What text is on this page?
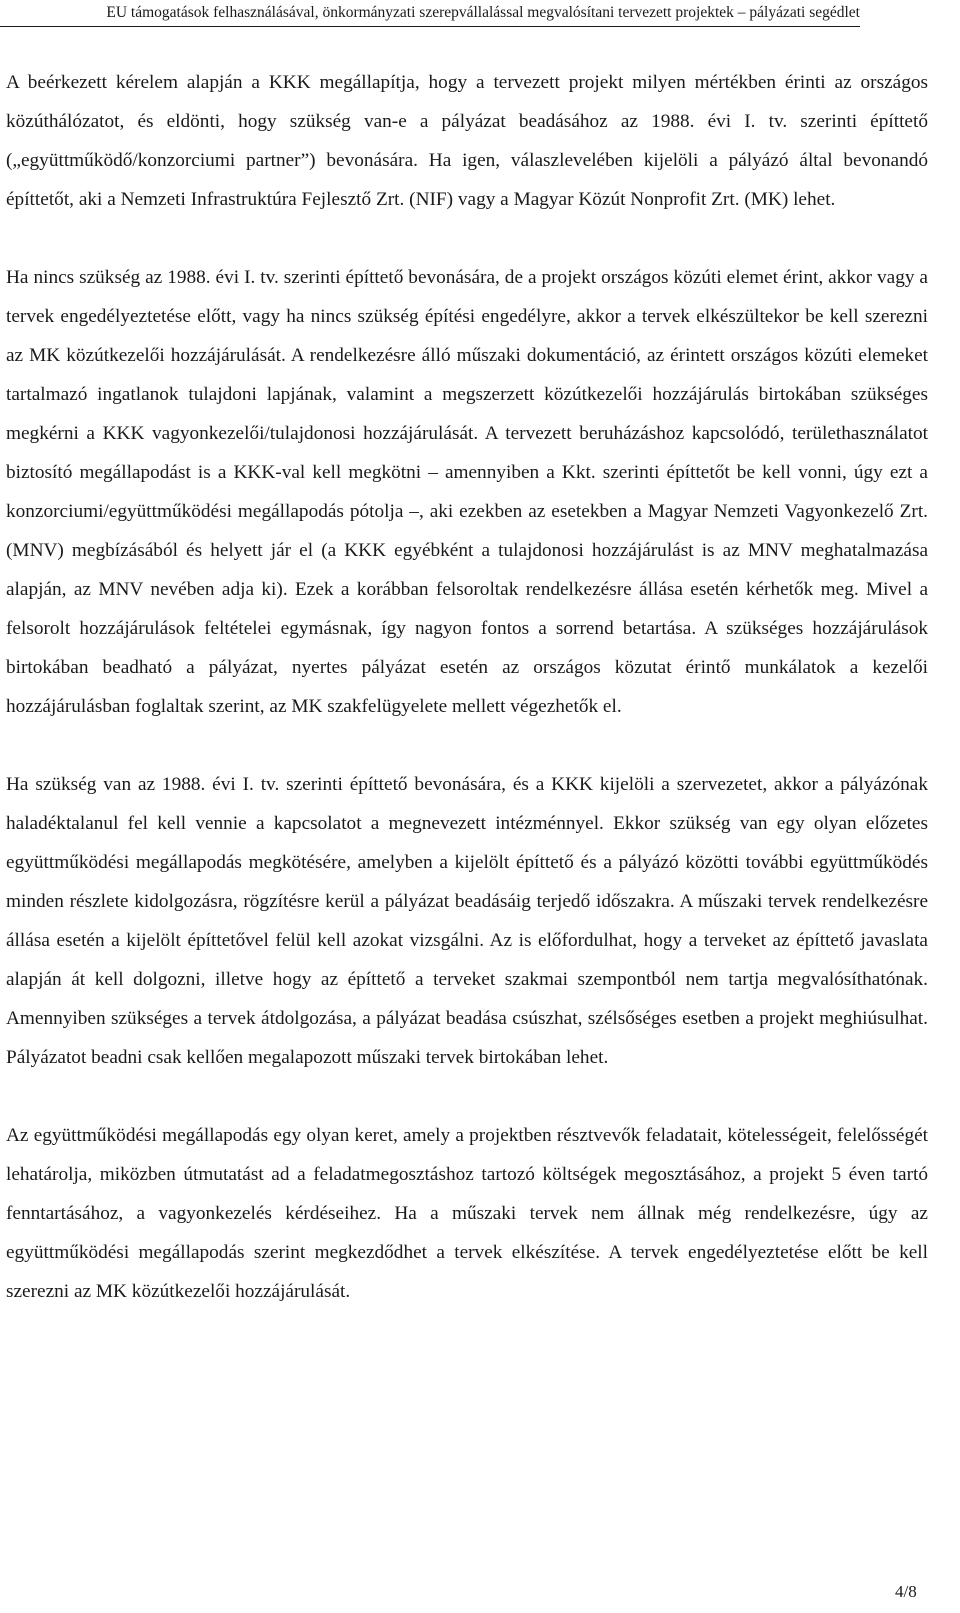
EU támogatások felhasználásával, önkormányzati szerepvállalással megvalósítani tervezett projektek – pályázati segédlet

A beérkezett kérelem alapján a KKK megállapítja, hogy a tervezett projekt milyen mértékben érinti az országos közúthálózatot, és eldönti, hogy szükség van-e a pályázat beadásához az 1988. évi I. tv. szerinti építtető („együttműködő/konzorciumi partner”) bevonására. Ha igen, válaszlevelében kijelöli a pályázó által bevonandó építtetőt, aki a Nemzeti Infrastruktúra Fejlesztő Zrt. (NIF) vagy a Magyar Közút Nonprofit Zrt. (MK) lehet.

Ha nincs szükség az 1988. évi I. tv. szerinti építtető bevonására, de a projekt országos közúti elemet érint, akkor vagy a tervek engedélyeztetése előtt, vagy ha nincs szükség építési engedélyre, akkor a tervek elkészültekor be kell szerezni az MK közútkezelői hozzájárulását. A rendelkezésre álló műszaki dokumentáció, az érintett országos közúti elemeket tartalmazó ingatlanok tulajdoni lapjának, valamint a megszerzett közútkezelői hozzájárulás birtokában szükséges megkérni a KKK vagyonkezelői/tulajdonosi hozzájárulását. A tervezett beruházáshoz kapcsolódó, területhasználatot biztosító megállapodást is a KKK-val kell megkötni – amennyiben a Kkt. szerinti építtetőt be kell vonni, úgy ezt a konzorciumi/együttműködési megállapodás pótolja –, aki ezekben az esetekben a Magyar Nemzeti Vagyonkezelő Zrt. (MNV) megbízásából és helyett jár el (a KKK egyébként a tulajdonosi hozzájárulást is az MNV meghatalmazása alapján, az MNV nevében adja ki). Ezek a korábban felsoroltak rendelkezésre állása esetén kérhetők meg. Mivel a felsorolt hozzájárulások feltételei egymásnak, így nagyon fontos a sorrend betartása. A szükséges hozzájárulások birtokában beadható a pályázat, nyertes pályázat esetén az országos közutat érintő munkálatok a kezelői hozzájárulásban foglaltak szerint, az MK szakfelügyelete mellett végezhetők el.

Ha szükség van az 1988. évi I. tv. szerinti építtető bevonására, és a KKK kijelöli a szervezetet, akkor a pályázónak haladéktalanul fel kell vennie a kapcsolatot a megnevezett intézménnyel. Ekkor szükség van egy olyan előzetes együttműködési megállapodás megkötésére, amelyben a kijelölt építtető és a pályázó közötti további együttműködés minden részlete kidolgozásra, rögzítésre kerül a pályázat beadásáig terjedő időszakra. A műszaki tervek rendelkezésre állása esetén a kijelölt építtetővel felül kell azokat vizsgálni. Az is előfordulhat, hogy a terveket az építtető javaslata alapján át kell dolgozni, illetve hogy az építtető a terveket szakmai szempontból nem tartja megvalósíthatónak. Amennyiben szükséges a tervek átdolgozása, a pályázat beadása csúszhat, szélsőséges esetben a projekt meghiúsulhat. Pályázatot beadni csak kellően megalapozott műszaki tervek birtokában lehet.

Az együttműködési megállapodás egy olyan keret, amely a projektben résztvevők feladatait, kötelességeit, felelősségét lehatárolja, miközben útmutatást ad a feladatmegosztáshoz tartozó költségek megosztásához, a projekt 5 éven tartó fenntartásához, a vagyonkezelés kérdéseihez. Ha a műszaki tervek nem állnak még rendelkezésre, úgy az együttműködési megállapodás szerint megkezdődhet a tervek elkészítése. A tervek engedélyeztetése előtt be kell szerezni az MK közútkezelői hozzájárulását.

4/8
